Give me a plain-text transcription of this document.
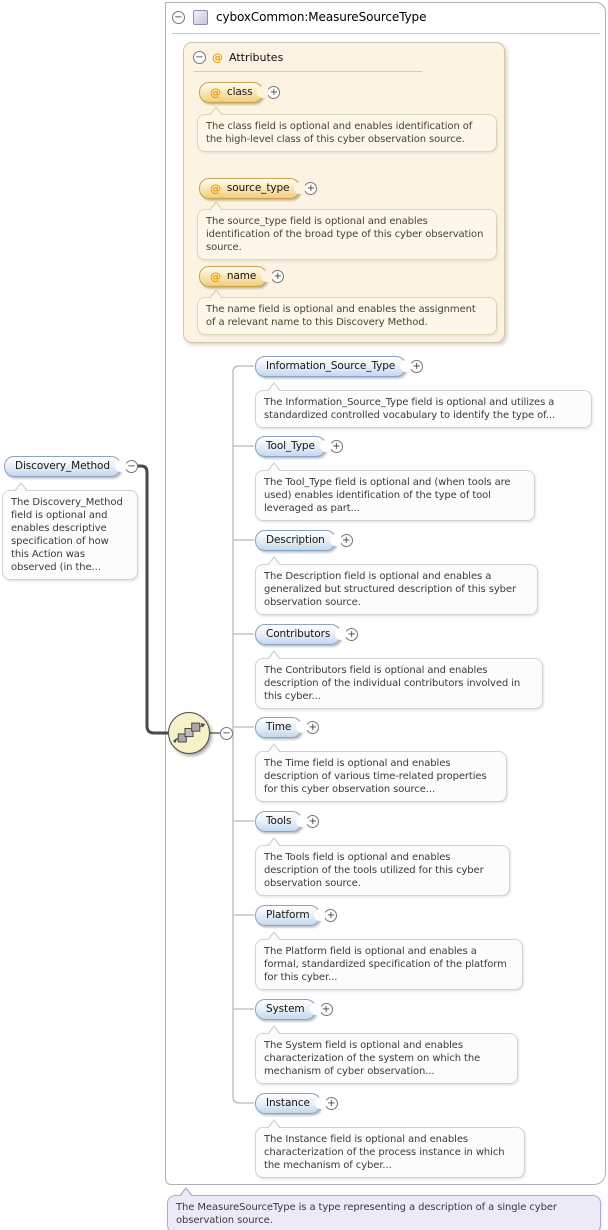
−	cyboxCommon:MeasureSourceType
− @ Attributes
@ class +
The class field is optional and enables identification of the high-level class of this cyber observation source.
@ source_type +
The source_type field is optional and enables identification of the broad type of this cyber observation source.
@ name +
The name field is optional and enables the assignment of a relevant name to this Discovery Method.
Discovery_Method	−
The Discovery_Method field is optional and enables descriptive specification of how this Action was observed (in the...
−
Information_Source_Type	+
The Information_Source_Type field is optional and utilizes a standardized controlled vocabulary to identify the type of...
Tool_Type	+
The Tool_Type field is optional and (when tools are used) enables identification of the type of tool leveraged as part...
Description	+
The Description field is optional and enables a generalized but structured description of this syber observation source.
Contributors	+
The Contributors field is optional and enables description of the individual contributors involved in this cyber...
Time	+
The Time field is optional and enables description of various time-related properties for this cyber observation source...
Tools	+
The Tools field is optional and enables description of the tools utilized for this cyber observation source.
Platform	+
The Platform field is optional and enables a formal, standardized specification of the platform for this cyber...
System	+
The System field is optional and enables characterization of the system on which the mechanism of cyber observation...
Instance	+
The Instance field is optional and enables characterization of the process instance in which the mechanism of cyber...
The MeasureSourceType is a type representing a description of a single cyber observation source.
